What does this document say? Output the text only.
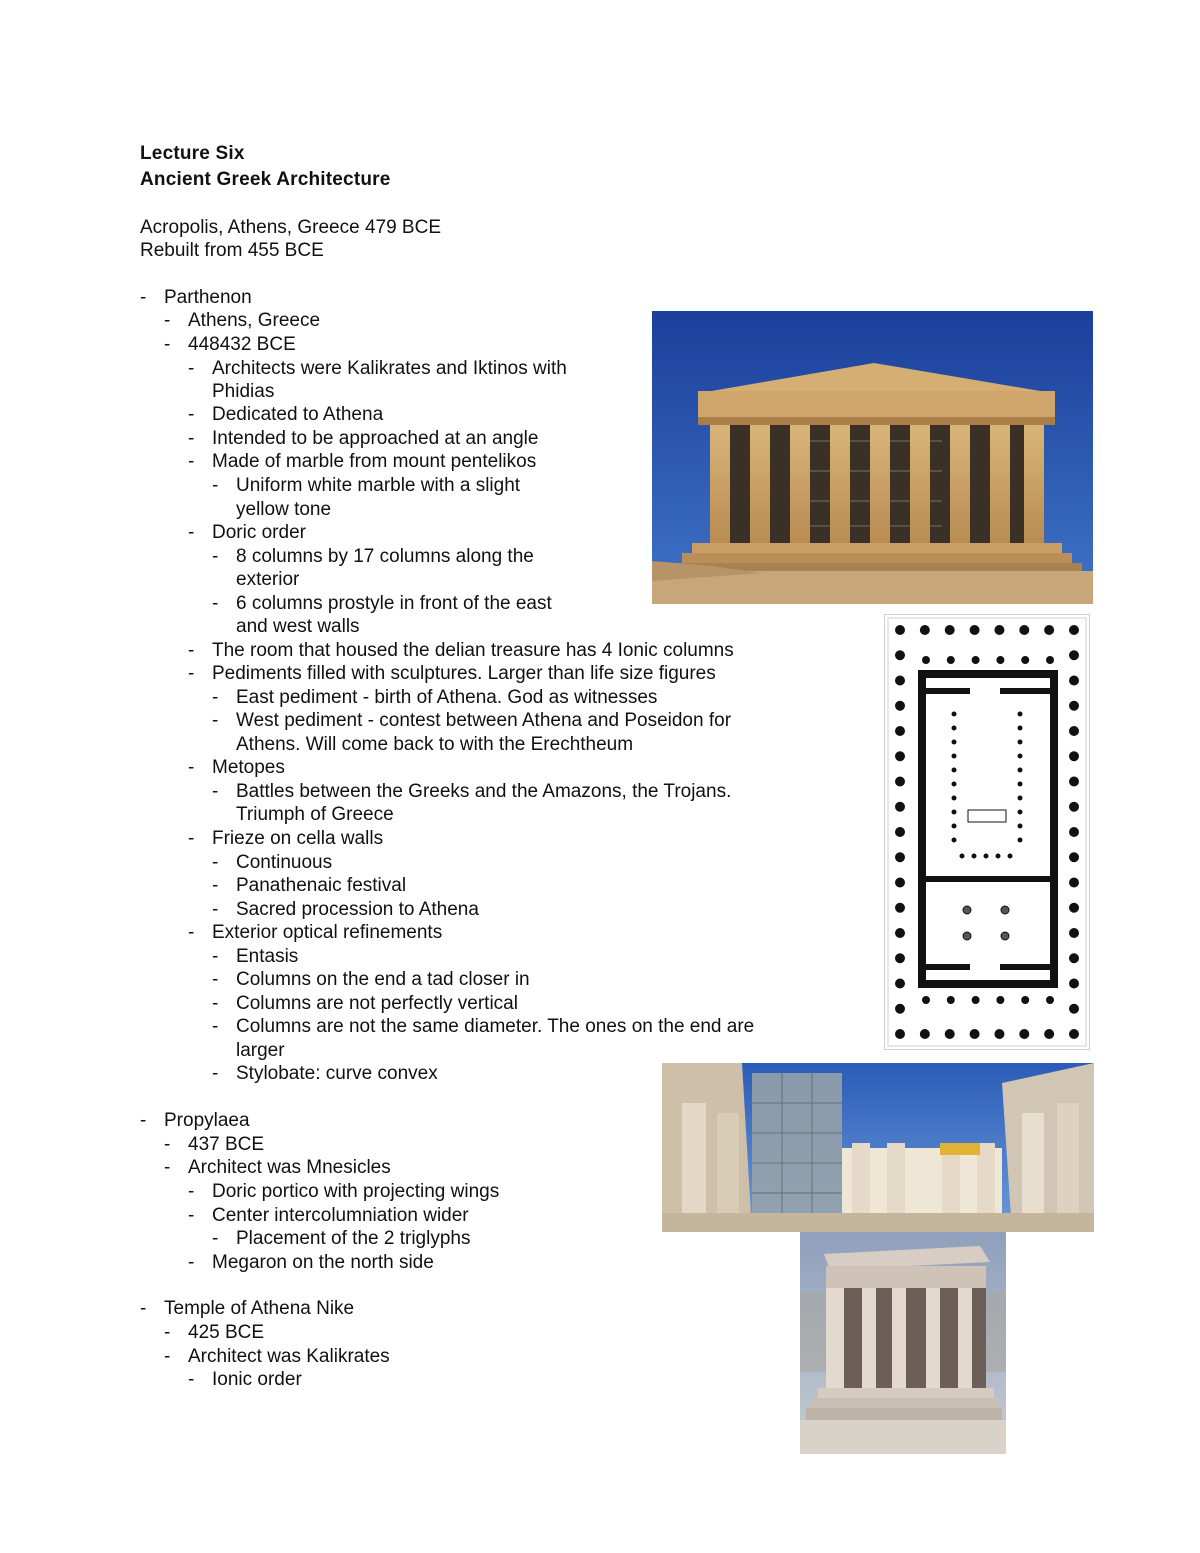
Lecture Six
Ancient Greek Architecture
Acropolis, Athens, Greece 479 BCE
Rebuilt from 455 BCE
- Parthenon
- Athens, Greece
- 448432 BCE
- Architects were Kalikrates and Iktinos with
Phidias
- Dedicated to Athena
- Intended to be approached at an angle
- Made of marble from mount pentelikos
- Uniform white marble with a slight
yellow tone
- Doric order
- 8 columns by 17 columns along the
exterior
- 6 columns prostyle in front of the east
and west walls
- The room that housed the delian treasure has 4 Ionic columns
- Pediments filled with sculptures. Larger than life size figures
- East pediment - birth of Athena. God as witnesses
- West pediment - contest between Athena and Poseidon for
Athens. Will come back to with the Erechtheum
- Metopes
- Battles between the Greeks and the Amazons, the Trojans.
Triumph of Greece
- Frieze on cella walls
- Continuous
- Panathenaic festival
- Sacred procession to Athena
- Exterior optical refinements
- Entasis
- Columns on the end a tad closer in
- Columns are not perfectly vertical
- Columns are not the same diameter. The ones on the end are
larger
- Stylobate: curve convex
- Propylaea
- 437 BCE
- Architect was Mnesicles
- Doric portico with projecting wings
- Center intercolumniation wider
- Placement of the 2 triglyphs
- Megaron on the north side
- Temple of Athena Nike
- 425 BCE
- Architect was Kalikrates
- Ionic order
